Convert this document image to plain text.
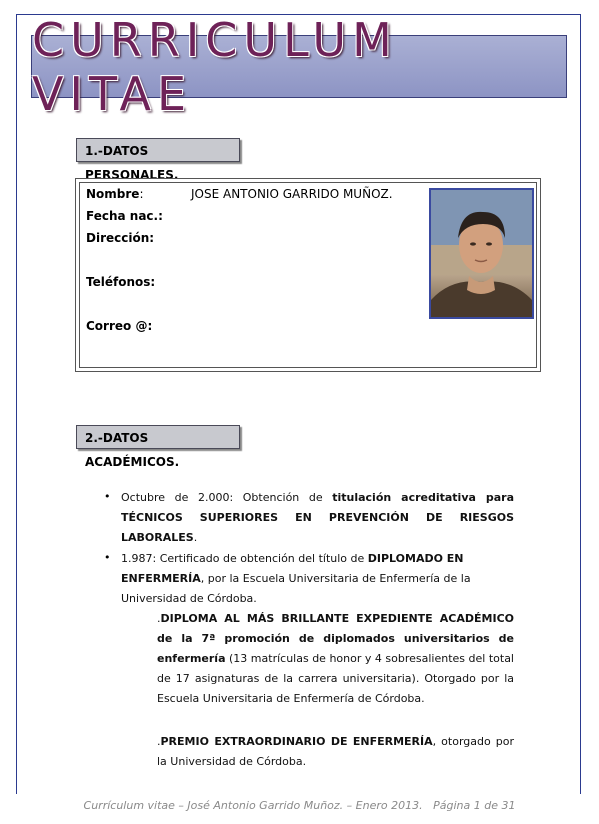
CURRICULUM VITAE
1.-DATOS PERSONALES.
Nombre:	JOSE ANTONIO GARRIDO MUÑOZ.
Fecha nac.:
Dirección:
Teléfonos:
Correo @:
2.-DATOS ACADÉMICOS.
• Octubre de 2.000: Obtención de titulación acreditativa para TÉCNICOS SUPERIORES EN PREVENCIÓN DE RIESGOS LABORALES.
• 1.987: Certificado de obtención del título de DIPLOMADO EN ENFERMERÍA, por la Escuela Universitaria de Enfermería de la Universidad de Córdoba.
.DIPLOMA AL MÁS BRILLANTE EXPEDIENTE ACADÉMICO de la 7ª promoción de diplomados universitarios de enfermería (13 matrículas de honor y 4 sobresalientes del total de 17 asignaturas de la carrera universitaria). Otorgado por la Escuela Universitaria de Enfermería de Córdoba.
.PREMIO EXTRAORDINARIO DE ENFERMERÍA, otorgado por la Universidad de Córdoba.
Currículum vitae – José Antonio Garrido Muñoz. – Enero 2013. Página 1 de 31
